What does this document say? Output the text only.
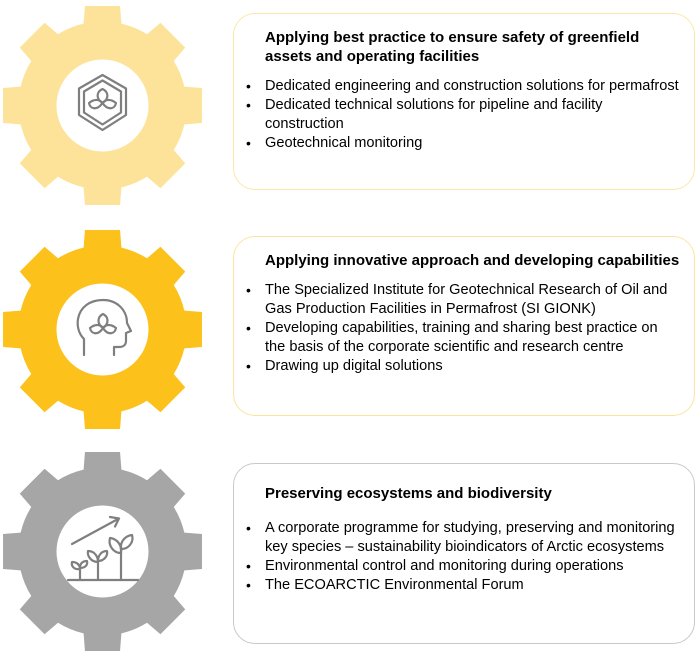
Applying best practice to ensure safety of greenfield assets and operating facilities
• Dedicated engineering and construction solutions for permafrost
• Dedicated technical solutions for pipeline and facility construction
• Geotechnical monitoring
Applying innovative approach and developing capabilities
• The Specialized Institute for Geotechnical Research of Oil and Gas Production Facilities in Permafrost (SI GIONK)
• Developing capabilities, training and sharing best practice on the basis of the corporate scientific and research centre
• Drawing up digital solutions
Preserving ecosystems and biodiversity
• A corporate programme for studying, preserving and monitoring key species – sustainability bioindicators of Arctic ecosystems
• Environmental control and monitoring during operations
• The ECOARCTIC Environmental Forum
